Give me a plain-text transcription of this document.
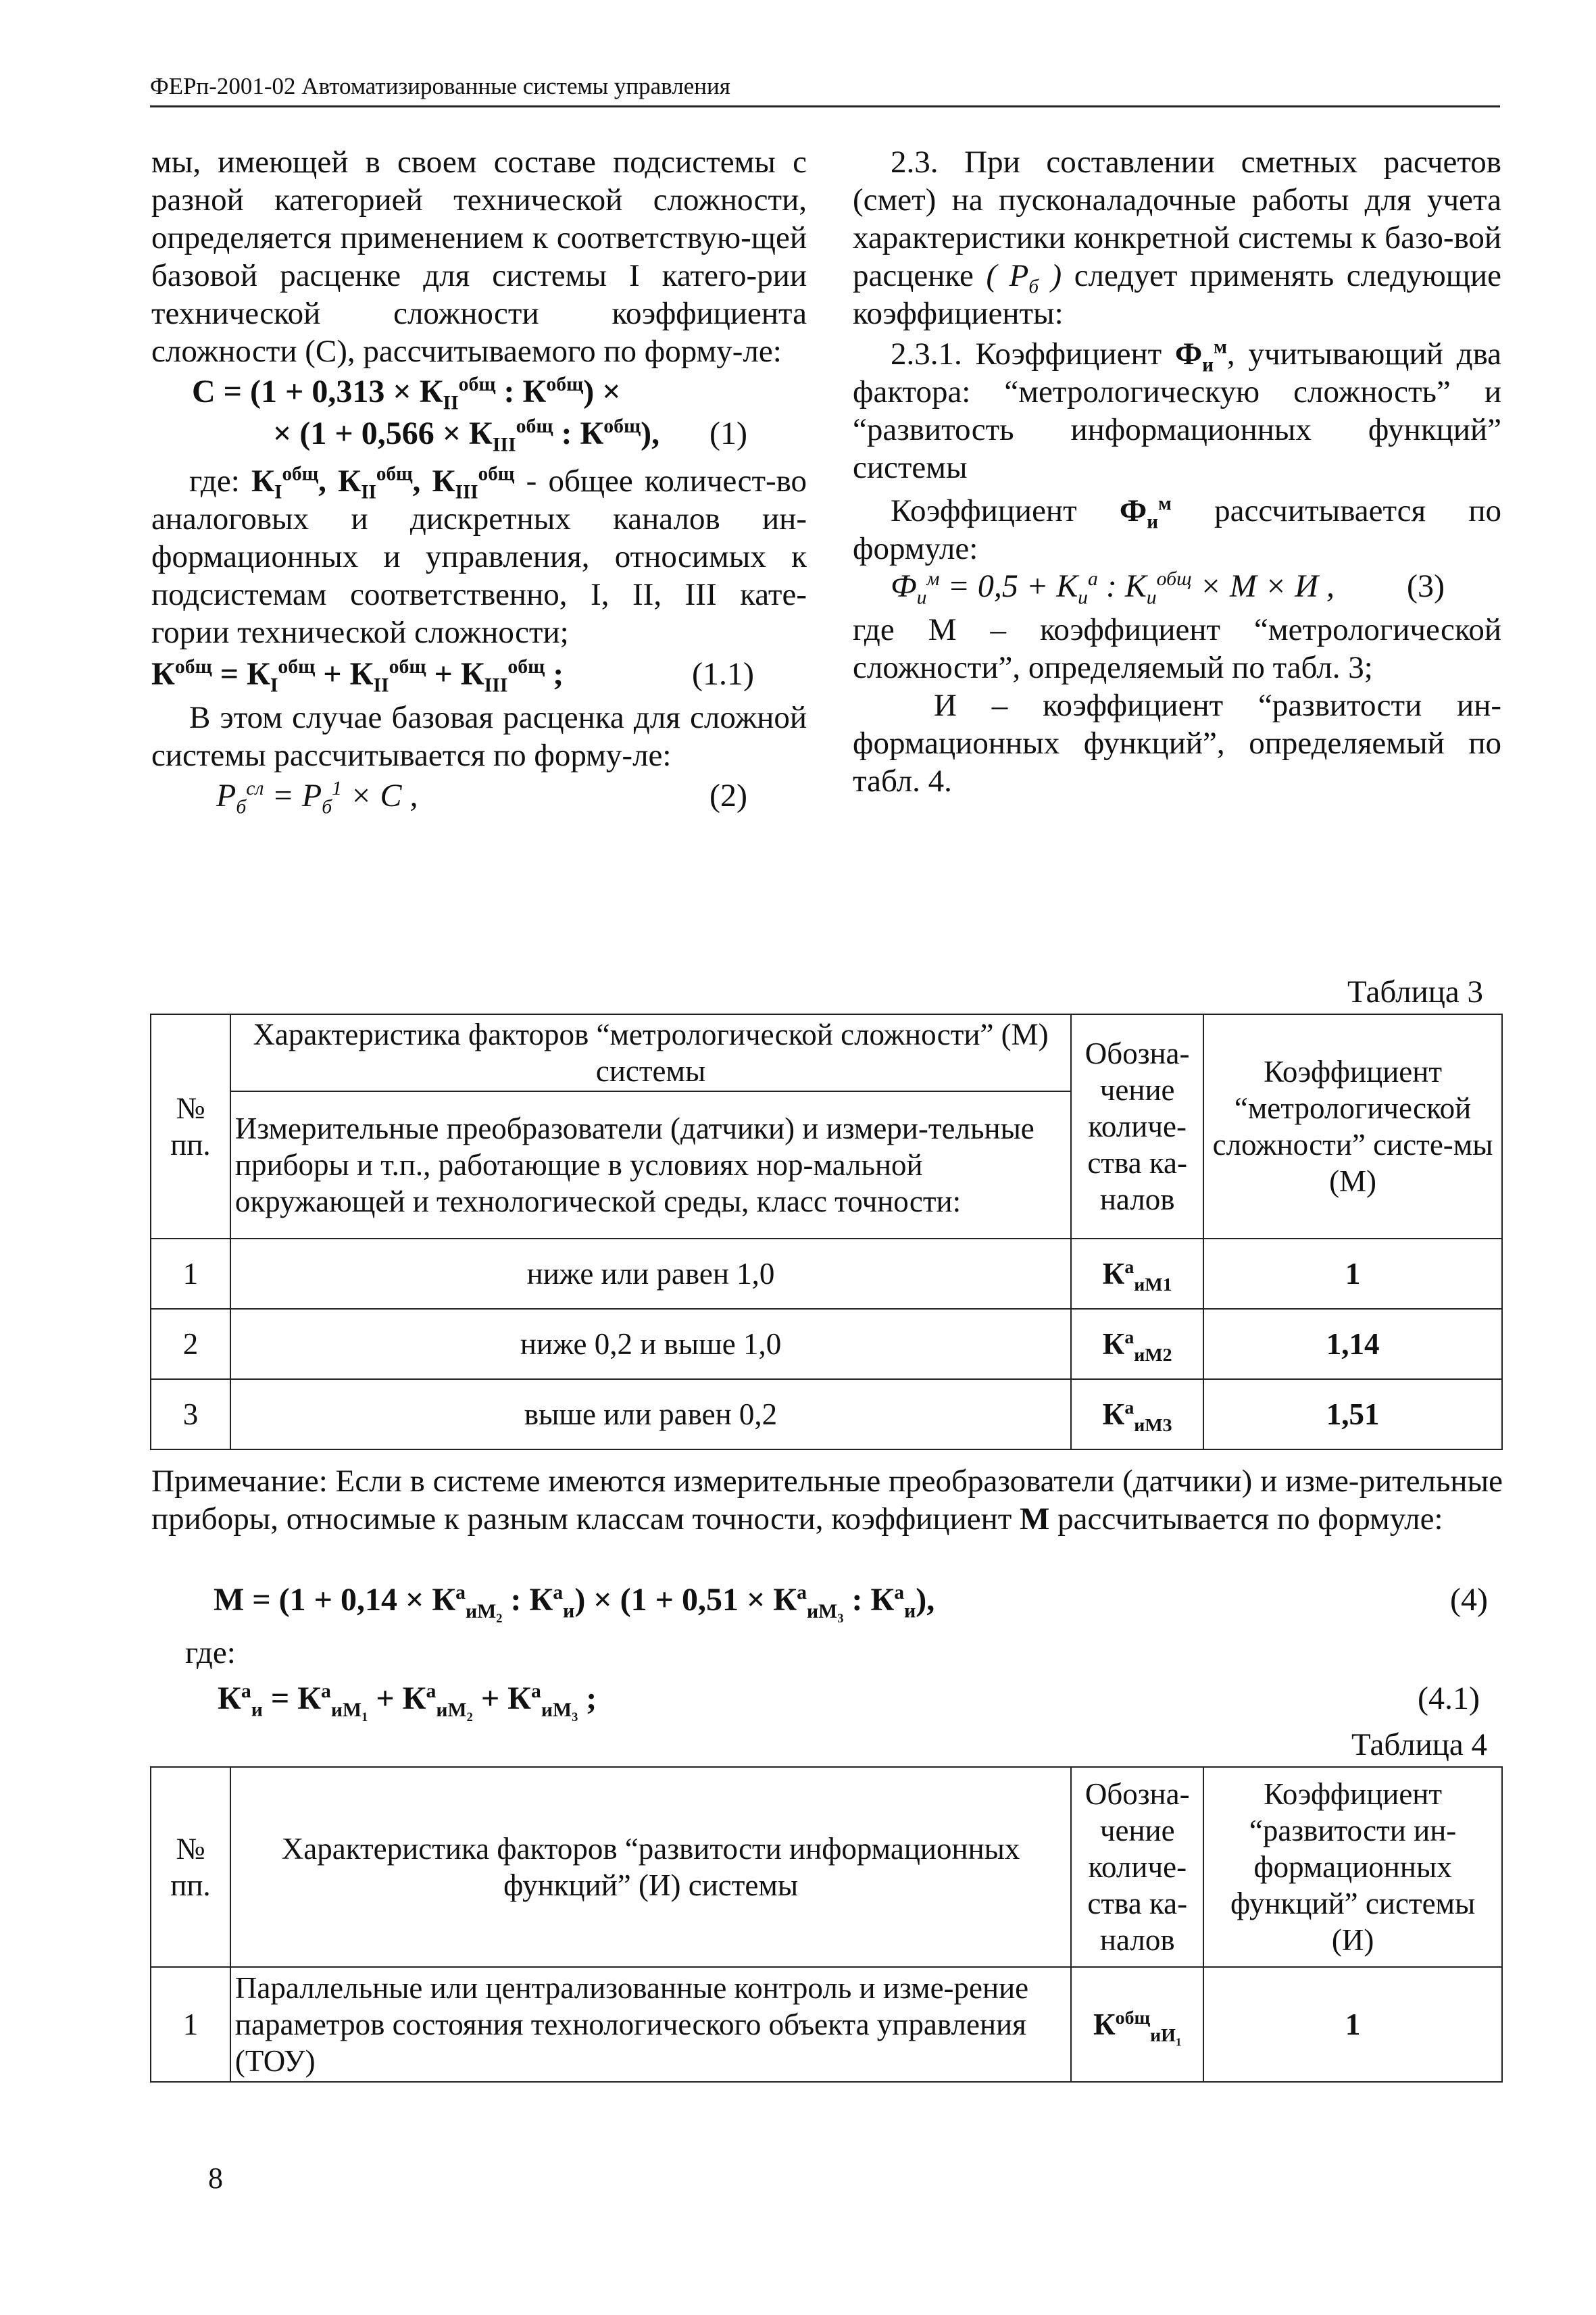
ФЕРп-2001-02 Автоматизированные системы управления

мы, имеющей в своем составе подсистемы с разной категорией технической сложности, определяется применением к соответствую-щей базовой расценке для системы I катего-рии технической сложности коэффициента сложности (С), рассчитываемого по форму-ле:

$С = (1 + 0,313 \times К_{II}^{общ}$ : $К^{общ}$) ×
× ($1 + 0,566 \times К_{III}^{общ}$ : $К^{общ}$), (1)

где: $К_I^{общ}$, $К_{II}^{общ}$, $К_{III}^{общ}$ - общее количест-во аналоговых и дискретных каналов ин-формационных и управления, относимых к подсистемам соответственно, I, II, III кате-гории технической сложности;

$К^{общ} = К_I^{общ} + К_{II}^{общ} + К_{III}^{общ}$ ;	(1.1)

В этом случае базовая расценка для сложной системы рассчитывается по форму-ле:

$Р_б^{сл} = Р_б^1 \times С$ ,	(2)

2.3. При составлении сметных расчетов (смет) на пусконаладочные работы для учета характеристики конкретной системы к базо-вой расценке ( $Р_б$ ) следует применять следующие коэффициенты:

2.3.1. Коэффициент $Ф_и^м$, учитывающий два фактора: “метрологическую сложность” и “развитость информационных функций” системы

Коэффициент $Ф_и^м$ рассчитывается по формуле:

$Ф_и^м = 0,5 + К_и^а$ : $К_и^{общ} \times М \times И$ , (3)

где М – коэффициент “метрологической сложности”, определяемый по табл. 3;

И – коэффициент “развитости ин-формационных функций”, определяемый по табл. 4.

Таблица 3
№ пп.	Характеристика факторов “метрологической сложности” (М) системы	Обозна-чение количе-ства ка-налов	Коэффициент “метрологической сложности” систе-мы (М)
	Измерительные преобразователи (датчики) и измери-тельные приборы и т.п., работающие в условиях нор-мальной окружающей и технологической среды, класс точности:		
1	ниже или равен 1,0	$К^а_{иМ1}$	1
2	ниже 0,2 и выше 1,0	$К^а_{иМ2}$	1,14
3	выше или равен 0,2	$К^а_{иМ3}$	1,51
Примечание: Если в системе имеются измерительные преобразователи (датчики) и изме-рительные приборы, относимые к разным классам точности, коэффициент М рассчитывается по формуле:
$М = (1 + 0,14 \times К^а_{иМ_2}$ : $К^а_и) \times (1 + 0,51 \times К^а_{иМ_3}$ : $К^а_и$),	(4)
где:
$К^а_и = К^а_{иМ_1} + К^а_{иМ_2} + К^а_{иМ_3}$ ;	(4.1)
Таблица 4
№ пп.	Характеристика факторов “развитости информационных функций” (И) системы	Обозна-чение количе-ства ка-налов	Коэффициент “развитости ин-формационных функций” системы (И)
1	Параллельные или централизованные контроль и изме-рение параметров состояния технологического объекта управления (ТОУ)	$К^{общ}_{иИ_1}$	1
8
